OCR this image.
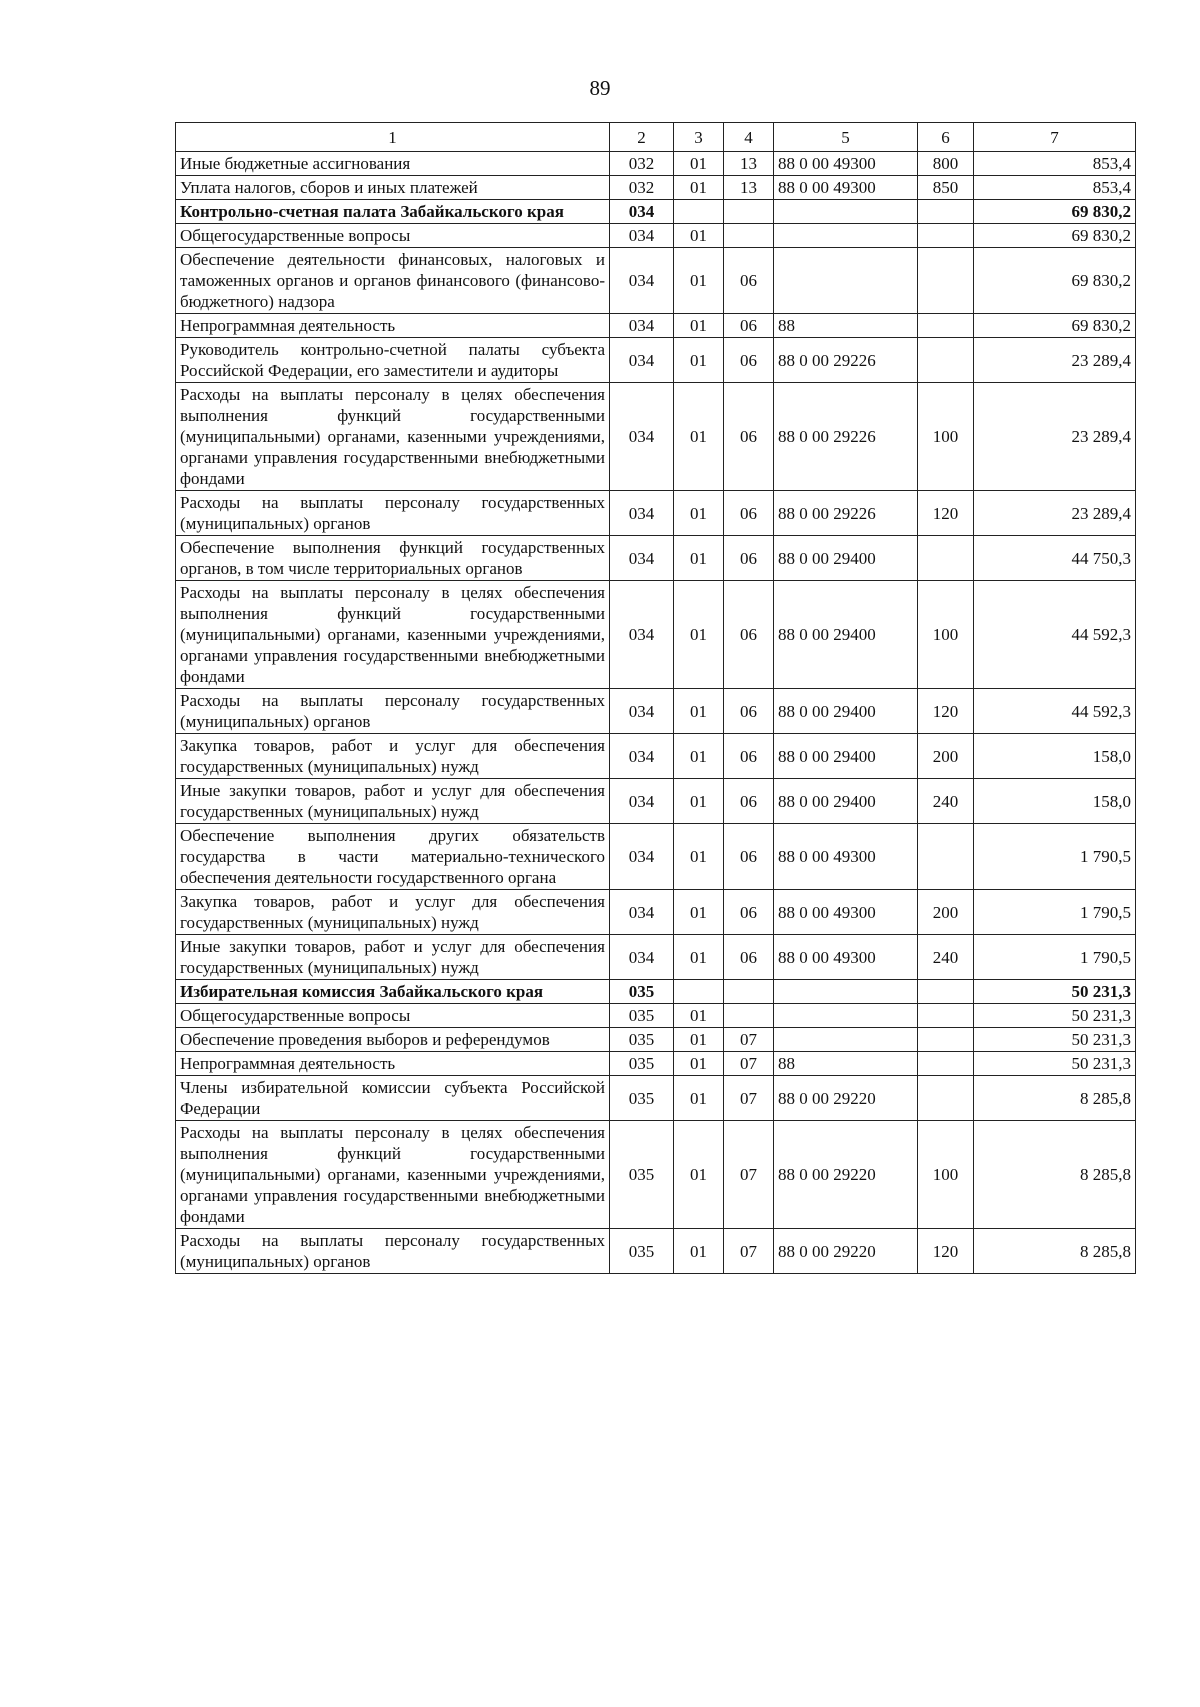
89
1	2	3	4	5	6	7
Иные бюджетные ассигнования	032	01	13	88 0 00 49300	800	853,4
Уплата налогов, сборов и иных платежей	032	01	13	88 0 00 49300	850	853,4
Контрольно-счетная палата Забайкальского края	034					69 830,2
Общегосударственные вопросы	034	01				69 830,2
Обеспечение деятельности финансовых, налоговых и таможенных органов и органов финансового (финансово-бюджетного) надзора	034	01	06			69 830,2
Непрограммная деятельность	034	01	06	88		69 830,2
Руководитель контрольно-счетной палаты субъекта Российской Федерации, его заместители и аудиторы	034	01	06	88 0 00 29226		23 289,4
Расходы на выплаты персоналу в целях обеспечения выполнения функций государственными (муниципальными) органами, казенными учреждениями, органами управления государственными внебюджетными фондами	034	01	06	88 0 00 29226	100	23 289,4
Расходы на выплаты персоналу государственных (муниципальных) органов	034	01	06	88 0 00 29226	120	23 289,4
Обеспечение выполнения функций государственных органов, в том числе территориальных органов	034	01	06	88 0 00 29400		44 750,3
Расходы на выплаты персоналу в целях обеспечения выполнения функций государственными (муниципальными) органами, казенными учреждениями, органами управления государственными внебюджетными фондами	034	01	06	88 0 00 29400	100	44 592,3
Расходы на выплаты персоналу государственных (муниципальных) органов	034	01	06	88 0 00 29400	120	44 592,3
Закупка товаров, работ и услуг для обеспечения государственных (муниципальных) нужд	034	01	06	88 0 00 29400	200	158,0
Иные закупки товаров, работ и услуг для обеспечения государственных (муниципальных) нужд	034	01	06	88 0 00 29400	240	158,0
Обеспечение выполнения других обязательств государства в части материально-технического обеспечения деятельности государственного органа	034	01	06	88 0 00 49300		1 790,5
Закупка товаров, работ и услуг для обеспечения государственных (муниципальных) нужд	034	01	06	88 0 00 49300	200	1 790,5
Иные закупки товаров, работ и услуг для обеспечения государственных (муниципальных) нужд	034	01	06	88 0 00 49300	240	1 790,5
Избирательная комиссия Забайкальского края	035					50 231,3
Общегосударственные вопросы	035	01				50 231,3
Обеспечение проведения выборов и референдумов	035	01	07			50 231,3
Непрограммная деятельность	035	01	07	88		50 231,3
Члены избирательной комиссии субъекта Российской Федерации	035	01	07	88 0 00 29220		8 285,8
Расходы на выплаты персоналу в целях обеспечения выполнения функций государственными (муниципальными) органами, казенными учреждениями, органами управления государственными внебюджетными фондами	035	01	07	88 0 00 29220	100	8 285,8
Расходы на выплаты персоналу государственных (муниципальных) органов	035	01	07	88 0 00 29220	120	8 285,8
